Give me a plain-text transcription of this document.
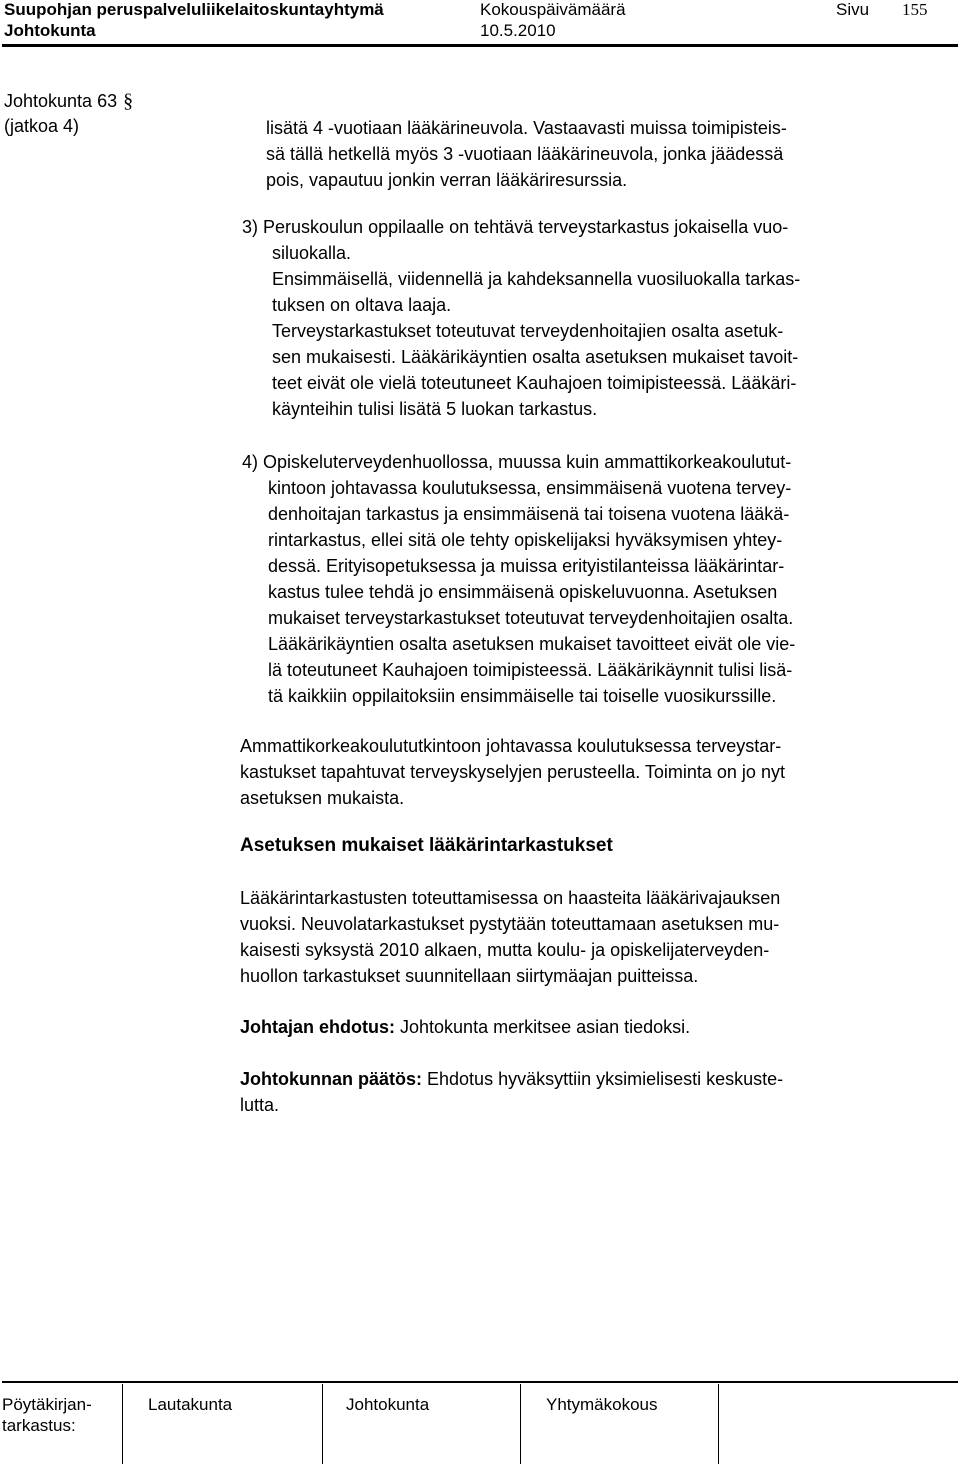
Suupohjan peruspalveluliikelaitoskuntayhtymä
Johtokunta
Kokouspäivämäärä
10.5.2010
Sivu 155
Johtokunta 63 §
(jatkoa 4)	lisätä 4 -vuotiaan lääkärineuvola. Vastaavasti muissa toimipisteis-
sä tällä hetkellä myös 3 -vuotiaan lääkärineuvola, jonka jäädessä
pois, vapautuu jonkin verran lääkäriresurssia.
3) Peruskoulun oppilaalle on tehtävä terveystarkastus jokaisella vuo-
siluokalla.
Ensimmäisellä, viidennellä ja kahdeksannella vuosiluokalla tarkas-
tuksen on oltava laaja.
Terveystarkastukset toteutuvat terveydenhoitajien osalta asetuk-
sen mukaisesti. Lääkärikäyntien osalta asetuksen mukaiset tavoit-
teet eivät ole vielä toteutuneet Kauhajoen toimipisteessä. Lääkäri-
käynteihin tulisi lisätä 5 luokan tarkastus.
4) Opiskeluterveydenhuollossa, muussa kuin ammattikorkeakoulutut-
kintoon johtavassa koulutuksessa, ensimmäisenä vuotena tervey-
denhoitajan tarkastus ja ensimmäisenä tai toisena vuotena lääkä-
rintarkastus, ellei sitä ole tehty opiskelijaksi hyväksymisen yhtey-
dessä. Erityisopetuksessa ja muissa erityistilanteissa lääkärintar-
kastus tulee tehdä jo ensimmäisenä opiskeluvuonna. Asetuksen
mukaiset terveystarkastukset toteutuvat terveydenhoitajien osalta.
Lääkärikäyntien osalta asetuksen mukaiset tavoitteet eivät ole vie-
lä toteutuneet Kauhajoen toimipisteessä. Lääkärikäynnit tulisi lisä-
tä kaikkiin oppilaitoksiin ensimmäiselle tai toiselle vuosikurssille.
Ammattikorkeakoulututkintoon johtavassa koulutuksessa terveystar-
kastukset tapahtuvat terveyskyselyjen perusteella. Toiminta on jo nyt
asetuksen mukaista.
Asetuksen mukaiset lääkärintarkastukset
Lääkärintarkastusten toteuttamisessa on haasteita lääkärivajauksen
vuoksi. Neuvolatarkastukset pystytään toteuttamaan asetuksen mu-
kaisesti syksystä 2010 alkaen, mutta koulu- ja opiskelijaterveyden-
huollon tarkastukset suunnitellaan siirtymäajan puitteissa.
Johtajan ehdotus: Johtokunta merkitsee asian tiedoksi.
Johtokunnan päätös: Ehdotus hyväksyttiin yksimielisesti keskuste-
lutta.
Pöytäkirjan-
tarkastus:
Lautakunta	Johtokunta	Yhtymäkokous
